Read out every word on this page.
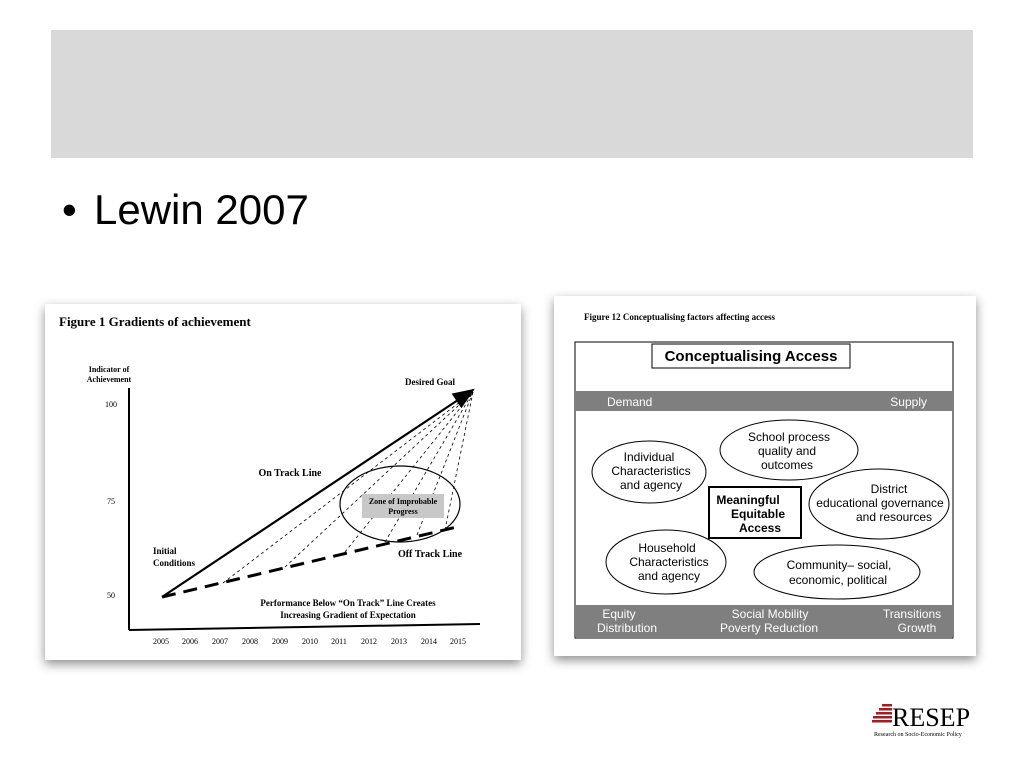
• Lewin 2007
Figure 1 Gradients of achievement
Indicator of
Achievement
100
75
50
2005 2006 2007 2008 2009 2010 2011 2012 2013 2014 2015
Desired Goal
Zone of Improbable
Progress
On Track Line
Off Track Line
Initial
Conditions
Performance Below “On Track” Line Creates
Increasing Gradient of Expectation
Figure 12 Conceptualising factors affecting access
Conceptualising Access
Demand	Supply
Individual
Characteristics
and agency
School process
quality and
outcomes
District
educational governance
and resources
Meaningful
Equitable
Access
Household
Characteristics
and agency
Community– social,
economic, political
Equity
Distribution
Social Mobility
Poverty Reduction
Transitions
Growth
RESEP
Research on Socio-Economic Policy
